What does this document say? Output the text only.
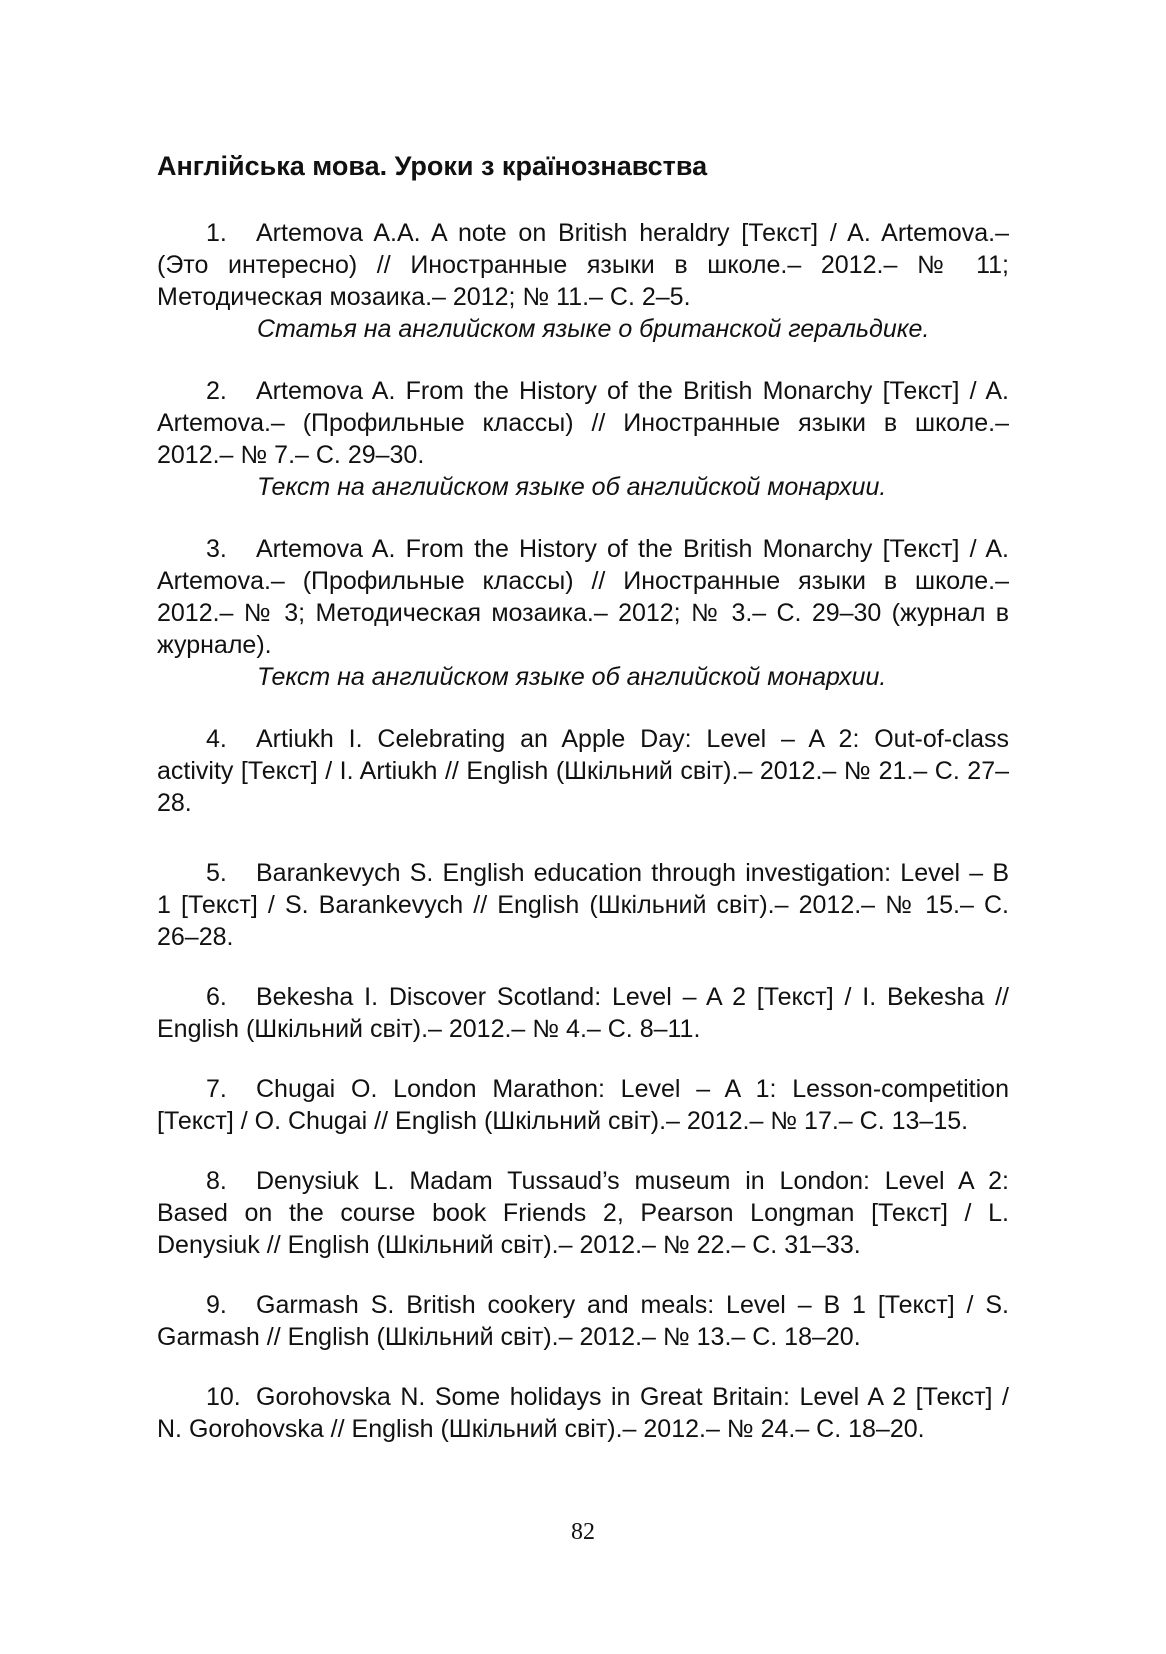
Англійська мова. Уроки з країнознавства
1. Artemova A.A. A note on British heraldry [Текст] / A. Artemova.– (Это интересно) // Иностранные языки в школе.– 2012.– № 11; Методическая мозаика.– 2012; № 11.– С. 2–5.
Статья на английском языке о британской геральдике.
2. Artemova A. From the History of the British Monarchy [Текст] / A. Artemova.– (Профильные классы) // Иностранные языки в школе.– 2012.– № 7.– С. 29–30.
Текст на английском языке об английской монархии.
3. Artemova A. From the History of the British Monarchy [Текст] / A. Artemova.– (Профильные классы) // Иностранные языки в школе.– 2012.– № 3; Методическая мозаика.– 2012; № 3.– С. 29–30 (журнал в журнале).
Текст на английском языке об английской монархии.
4. Artiukh I. Celebrating an Apple Day: Level – A 2: Out-of-class activity [Текст] / I. Artiukh // English (Шкільний світ).– 2012.– № 21.– С. 27–28.
5. Barankevych S. English education through investigation: Level – B 1 [Текст] / S. Barankevych // English (Шкільний світ).– 2012.– № 15.– С. 26–28.
6. Bekesha I. Discover Scotland: Level – A 2 [Текст] / I. Bekesha // English (Шкільний світ).– 2012.– № 4.– С. 8–11.
7. Chugai O. London Marathon: Level – A 1: Lesson-competition [Текст] / O. Chugai // English (Шкільний світ).– 2012.– № 17.– С. 13–15.
8. Denysiuk L. Madam Tussaud’s museum in London: Level A 2: Based on the course book Friends 2, Pearson Longman [Текст] / L. Denysiuk // English (Шкільний світ).– 2012.– № 22.– С. 31–33.
9. Garmash S. British cookery and meals: Level – B 1 [Текст] / S. Garmash // English (Шкільний світ).– 2012.– № 13.– С. 18–20.
10. Gorohovska N. Some holidays in Great Britain: Level A 2 [Текст] / N. Gorohovska // English (Шкільний світ).– 2012.– № 24.– С. 18–20.
82
